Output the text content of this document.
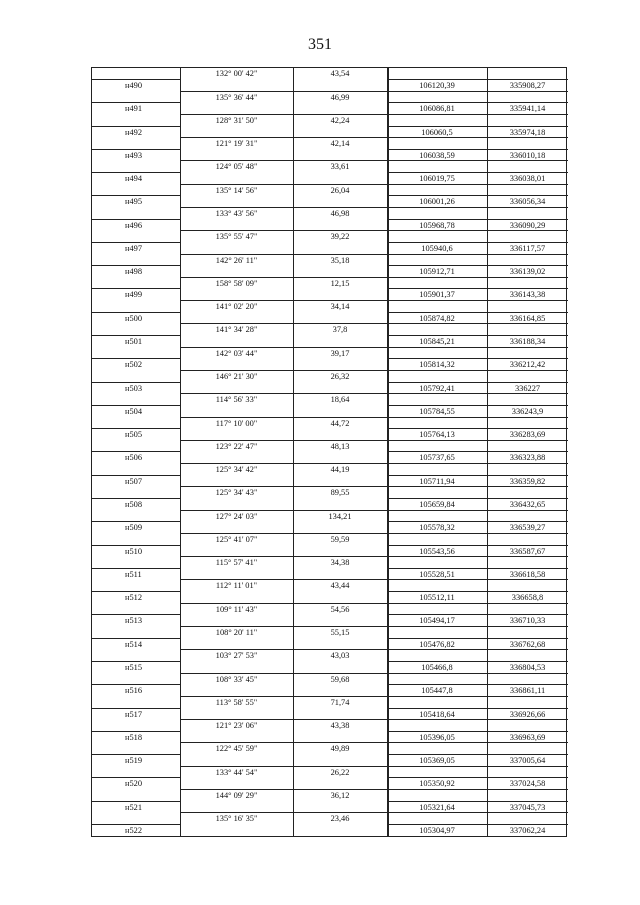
351
132° 00' 42"	43,54
н490	106120,39	335908,27
135° 36' 44"	46,99
н491	106086,81	335941,14
128° 31' 50"	42,24
н492	106060,5	335974,18
121° 19' 31"	42,14
н493	106038,59	336010,18
124° 05' 48"	33,61
н494	106019,75	336038,01
135° 14' 56"	26,04
н495	106001,26	336056,34
133° 43' 56"	46,98
н496	105968,78	336090,29
135° 55' 47"	39,22
н497	105940,6	336117,57
142° 26' 11"	35,18
н498	105912,71	336139,02
158° 58' 09"	12,15
н499	105901,37	336143,38
141° 02' 20"	34,14
н500	105874,82	336164,85
141° 34' 28"	37,8
н501	105845,21	336188,34
142° 03' 44"	39,17
н502	105814,32	336212,42
146° 21' 30"	26,32
н503	105792,41	336227
114° 56' 33"	18,64
н504	105784,55	336243,9
117° 10' 00"	44,72
н505	105764,13	336283,69
123° 22' 47"	48,13
н506	105737,65	336323,88
125° 34' 42"	44,19
н507	105711,94	336359,82
125° 34' 43"	89,55
н508	105659,84	336432,65
127° 24' 03"	134,21
н509	105578,32	336539,27
125° 41' 07"	59,59
н510	105543,56	336587,67
115° 57' 41"	34,38
н511	105528,51	336618,58
112° 11' 01"	43,44
н512	105512,11	336658,8
109° 11' 43"	54,56
н513	105494,17	336710,33
108° 20' 11"	55,15
н514	105476,82	336762,68
103° 27' 53"	43,03
н515	105466,8	336804,53
108° 33' 45"	59,68
н516	105447,8	336861,11
113° 58' 55"	71,74
н517	105418,64	336926,66
121° 23' 06"	43,38
н518	105396,05	336963,69
122° 45' 59"	49,89
н519	105369,05	337005,64
133° 44' 54"	26,22
н520	105350,92	337024,58
144° 09' 29"	36,12
н521	105321,64	337045,73
135° 16' 35"	23,46
н522	105304,97	337062,24
